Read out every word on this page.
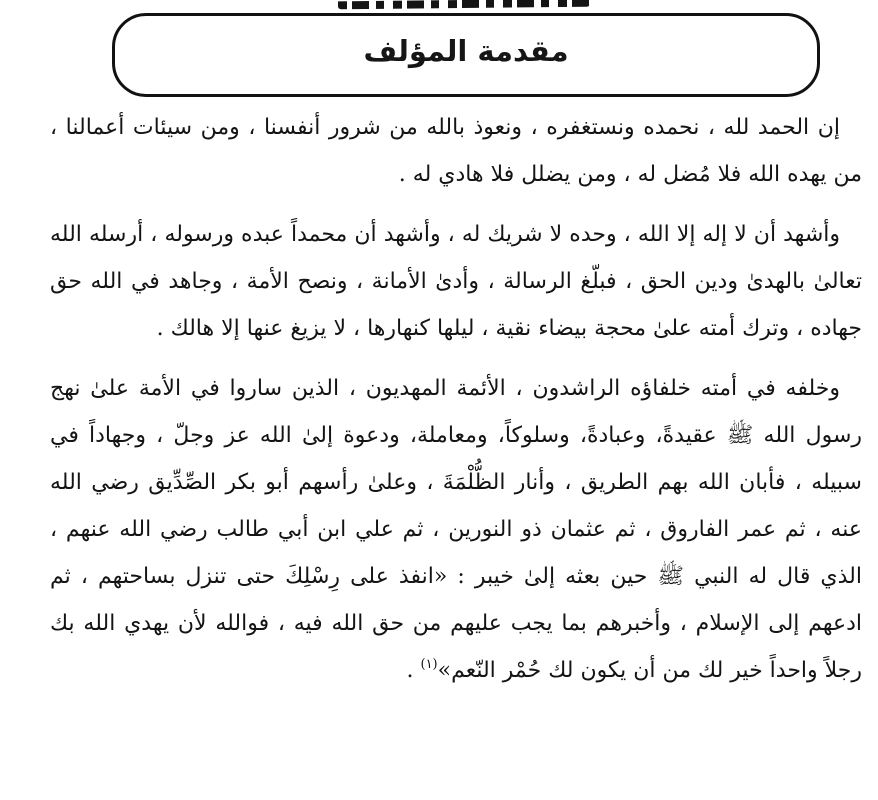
مقدمة المؤلف

إن الحمد لله ، نحمده ونستغفره ، ونعوذ بالله من شرور أنفسنا ، ومن سيئات أعمالنا ، من يهده الله فلا مُضل له ، ومن يضلل فلا هادي له .

وأشهد أن لا إله إلا الله ، وحده لا شريك له ، وأشهد أن محمداً عبده ورسوله ، أرسله الله تعالىٰ بالهدىٰ ودين الحق ، فبلّغ الرسالة ، وأدىٰ الأمانة ، ونصح الأمة ، وجاهد في الله حق جهاده ، وترك أمته علىٰ محجة بيضاء نقية ، ليلها كنهارها ، لا يزيغ عنها إلا هالك .

وخلفه في أمته خلفاؤه الراشدون ، الأئمة المهديون ، الذين ساروا في الأمة علىٰ نهج رسول الله ﷺ عقيدةً، وعبادةً، وسلوكاً، ومعاملة، ودعوة إلىٰ الله عز وجلّ ، وجهاداً في سبيله ، فأبان الله بهم الطريق ، وأنار الظُّلْمَةَ ، وعلىٰ رأسهم أبو بكر الصِّدِّيق رضي الله عنه ، ثم عمر الفاروق ، ثم عثمان ذو النورين ، ثم علي ابن أبي طالب رضي الله عنهم ، الذي قال له النبي ﷺ حين بعثه إلىٰ خيبر : «انفذ على رِسْلِكَ حتى تنزل بساحتهم ، ثم ادعهم إلى الإسلام ، وأخبرهم بما يجب عليهم من حق الله فيه ، فوالله لأن يهدي الله بك رجلاً واحداً خير لك من أن يكون لك حُمْر النّعم»$^{(١)}$ .
